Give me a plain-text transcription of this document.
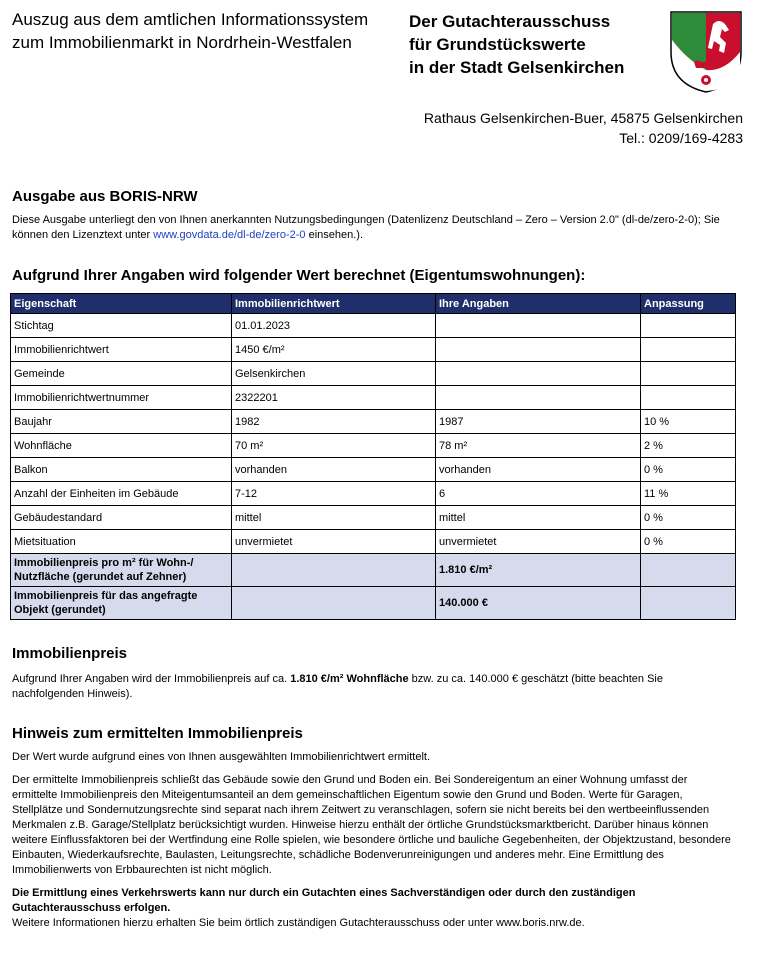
Auszug aus dem amtlichen Informationssystem zum Immobilienmarkt in Nordrhein-Westfalen
Der Gutachterausschuss
für Grundstückswerte
in der Stadt Gelsenkirchen
Rathaus Gelsenkirchen-Buer, 45875 Gelsenkirchen
Tel.: 0209/169-4283
Ausgabe aus BORIS-NRW

Diese Ausgabe unterliegt den von Ihnen anerkannten Nutzungsbedingungen (Datenlizenz Deutschland – Zero – Version 2.0" (dl-de/zero-2-0); Sie können den Lizenztext unter www.govdata.de/dl-de/zero-2-0 einsehen.).

Aufgrund Ihrer Angaben wird folgender Wert berechnet (Eigentumswohnungen):
Eigenschaft	Immobilienrichtwert	Ihre Angaben	Anpassung
Stichtag	01.01.2023		
Immobilienrichtwert	1450 €/m²		
Gemeinde	Gelsenkirchen		
Immobilienrichtwertnummer	2322201		
Baujahr	1982	1987	10 %
Wohnfläche	70 m²	78 m²	2 %
Balkon	vorhanden	vorhanden	0 %
Anzahl der Einheiten im Gebäude	7-12	6	11 %
Gebäudestandard	mittel	mittel	0 %
Mietsituation	unvermietet	unvermietet	0 %
Immobilienpreis pro m² für Wohn-/ Nutzfläche (gerundet auf Zehner)		1.810 €/m²	
Immobilienpreis für das angefragte Objekt (gerundet)		140.000 €	
Immobilienpreis

Aufgrund Ihrer Angaben wird der Immobilienpreis auf ca. 1.810 €/m² Wohnfläche bzw. zu ca. 140.000 € geschätzt (bitte beachten Sie nachfolgenden Hinweis).

Hinweis zum ermittelten Immobilienpreis

Der Wert wurde aufgrund eines von Ihnen ausgewählten Immobilienrichtwert ermittelt.

Der ermittelte Immobilienpreis schließt das Gebäude sowie den Grund und Boden ein. Bei Sondereigentum an einer Wohnung umfasst der ermittelte Immobilienpreis den Miteigentumsanteil an dem gemeinschaftlichen Eigentum sowie den Grund und Boden. Werte für Garagen, Stellplätze und Sondernutzungsrechte sind separat nach ihrem Zeitwert zu veranschlagen, sofern sie nicht bereits bei den wertbeeinflussenden Merkmalen z.B. Garage/Stellplatz berücksichtigt wurden. Hinweise hierzu enthält der örtliche Grundstücksmarktbericht. Darüber hinaus können weitere Einflussfaktoren bei der Wertfindung eine Rolle spielen, wie besondere örtliche und bauliche Gegebenheiten, der Objektzustand, besondere Einbauten, Wiederkaufsrechte, Baulasten, Leitungsrechte, schädliche Bodenverunreinigungen und anderes mehr. Eine Ermittlung des Immobilienwerts von Erbbaurechten ist nicht möglich.

Die Ermittlung eines Verkehrswerts kann nur durch ein Gutachten eines Sachverständigen oder durch den zuständigen Gutachterausschuss erfolgen.

Weitere Informationen hierzu erhalten Sie beim örtlich zuständigen Gutachterausschuss oder unter www.boris.nrw.de.
